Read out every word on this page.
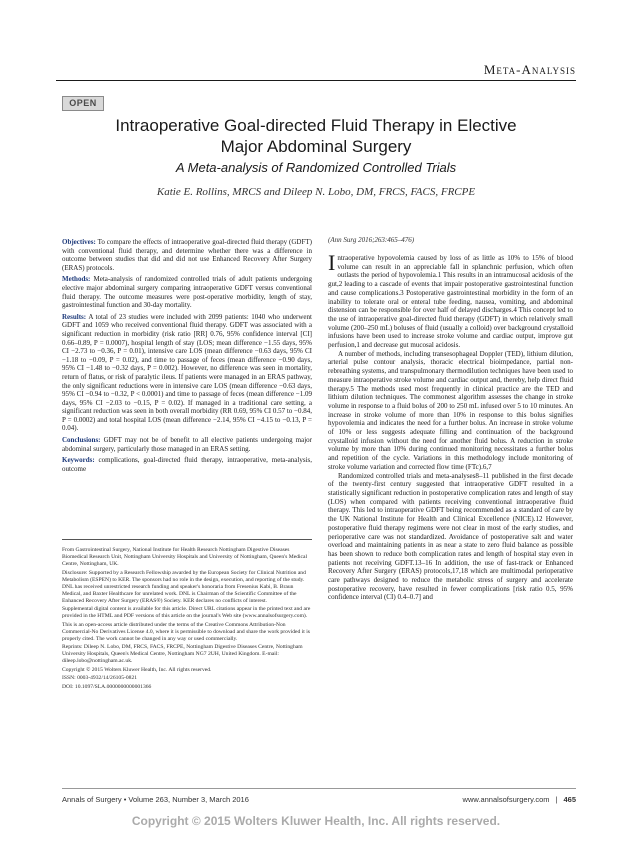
Meta-Analysis
OPEN
Intraoperative Goal-directed Fluid Therapy in Elective
Major Abdominal Surgery
A Meta-analysis of Randomized Controlled Trials
Katie E. Rollins, MRCS and Dileep N. Lobo, DM, FRCS, FACS, FRCPE
Objectives: To compare the effects of intraoperative goal-directed fluid therapy (GDFT) with conventional fluid therapy, and determine whether there was a difference in outcome between studies that did and did not use Enhanced Recovery After Surgery (ERAS) protocols.
Methods: Meta-analysis of randomized controlled trials of adult patients undergoing elective major abdominal surgery comparing intraoperative GDFT versus conventional fluid therapy. The outcome measures were post-operative morbidity, length of stay, gastrointestinal function and 30-day mortality.
Results: A total of 23 studies were included with 2099 patients: 1040 who underwent GDFT and 1059 who received conventional fluid therapy. GDFT was associated with a significant reduction in morbidity (risk ratio [RR] 0.76, 95% confidence interval [CI] 0.66–0.89, P = 0.0007), hospital length of stay (LOS; mean difference −1.55 days, 95% CI −2.73 to −0.36, P = 0.01), intensive care LOS (mean difference −0.63 days, 95% CI −1.18 to −0.09, P = 0.02), and time to passage of feces (mean difference −0.90 days, 95% CI −1.48 to −0.32 days, P = 0.002). However, no difference was seen in mortality, return of flatus, or risk of paralytic ileus. If patients were managed in an ERAS pathway, the only significant reductions were in intensive care LOS (mean difference −0.63 days, 95% CI −0.94 to −0.32, P < 0.0001) and time to passage of feces (mean difference −1.09 days, 95% CI −2.03 to −0.15, P = 0.02). If managed in a traditional care setting, a significant reduction was seen in both overall morbidity (RR 0.69, 95% CI 0.57 to −0.84, P = 0.0002) and total hospital LOS (mean difference −2.14, 95% CI −4.15 to −0.13, P = 0.04).
Conclusions: GDFT may not be of benefit to all elective patients undergoing major abdominal surgery, particularly those managed in an ERAS setting.
Keywords: complications, goal-directed fluid therapy, intraoperative, meta-analysis, outcome
From Gastrointestinal Surgery, National Institute for Health Research Nottingham Digestive Diseases Biomedical Research Unit, Nottingham University Hospitals and University of Nottingham, Queen's Medical Centre, Nottingham, UK.
Disclosure: Supported by a Research Fellowship awarded by the European Society for Clinical Nutrition and Metabolism (ESPEN) to KER. The sponsors had no role in the design, execution, and reporting of the study. DNL has received unrestricted research funding and speaker's honoraria from Fresenius Kabi, B. Braun Medical, and Baxter Healthcare for unrelated work. DNL is Chairman of the Scientific Committee of the Enhanced Recovery After Surgery (ERAS®) Society. KER declares no conflicts of interest.
Supplemental digital content is available for this article. Direct URL citations appear in the printed text and are provided in the HTML and PDF versions of this article on the journal's Web site (www.annalsofsurgery.com).
This is an open-access article distributed under the terms of the Creative Commons Attribution-Non Commercial-No Derivatives License 4.0, where it is permissible to download and share the work provided it is properly cited. The work cannot be changed in any way or used commercially.
Reprints: Dileep N. Lobo, DM, FRCS, FACS, FRCPE, Nottingham Digestive Diseases Centre, Nottingham University Hospitals, Queen's Medical Centre, Nottingham NG7 2UH, United Kingdom. E-mail: dileep.lobo@nottingham.ac.uk.
Copyright © 2015 Wolters Kluwer Health, Inc. All rights reserved.
ISSN: 0003-4932/14/26105-0821
DOI: 10.1097/SLA.0000000000001366
(Ann Surg 2016;263:465–476)

Intraoperative hypovolemia caused by loss of as little as 10% to 15% of blood volume can result in an appreciable fall in splanchnic perfusion, which often outlasts the period of hypovolemia.1 This results in an intramucosal acidosis of the gut,2 leading to a cascade of events that impair postoperative gastrointestinal function and cause complications.3 Postoperative gastrointestinal morbidity in the form of an inability to tolerate oral or enteral tube feeding, nausea, vomiting, and abdominal distension can be responsible for over half of delayed discharges.4 This concept led to the use of intraoperative goal-directed fluid therapy (GDFT) in which relatively small volume (200–250 mL) boluses of fluid (usually a colloid) over background crystalloid infusions have been used to increase stroke volume and cardiac output, improve gut perfusion,1 and decrease gut mucosal acidosis.

A number of methods, including transesophageal Doppler (TED), lithium dilution, arterial pulse contour analysis, thoracic electrical bioimpedance, partial non-rebreathing systems, and transpulmonary thermodilution techniques have been used to measure intraoperative stroke volume and cardiac output and, thereby, help direct fluid therapy.5 The methods used most frequently in clinical practice are the TED and lithium dilution techniques. The commonest algorithm assesses the change in stroke volume in response to a fluid bolus of 200 to 250 mL infused over 5 to 10 minutes. An increase in stroke volume of more than 10% in response to this bolus signifies hypovolemia and indicates the need for a further bolus. An increase in stroke volume of 10% or less suggests adequate filling and continuation of the background crystalloid infusion without the need for another fluid bolus. A reduction in stroke volume by more than 10% during continued monitoring necessitates a further bolus and repetition of the cycle. Variations in this methodology include monitoring of stroke volume variation and corrected flow time (FTc).6,7

Randomized controlled trials and meta-analyses8–11 published in the first decade of the twenty-first century suggested that intraoperative GDFT resulted in a statistically significant reduction in postoperative complication rates and length of stay (LOS) when compared with patients receiving conventional intraoperative fluid therapy. This led to intraoperative GDFT being recommended as a standard of care by the UK National Institute for Health and Clinical Excellence (NICE).12 However, postoperative fluid therapy regimens were not clear in most of the early studies, and perioperative care was not standardized. Avoidance of postoperative salt and water overload and maintaining patients in as near a state to zero fluid balance as possible has been shown to reduce both complication rates and length of hospital stay even in patients not receiving GDFT.13–16 In addition, the use of fast-track or Enhanced Recovery After Surgery (ERAS) protocols,17,18 which are multimodal perioperative care pathways designed to reduce the metabolic stress of surgery and accelerate postoperative recovery, have resulted in fewer complications [risk ratio 0.5, 95% confidence interval (CI) 0.4–0.7] and

Annals of Surgery • Volume 263, Number 3, March 2016	www.annalsofsurgery.com | 465
Copyright © 2015 Wolters Kluwer Health, Inc. All rights reserved.
